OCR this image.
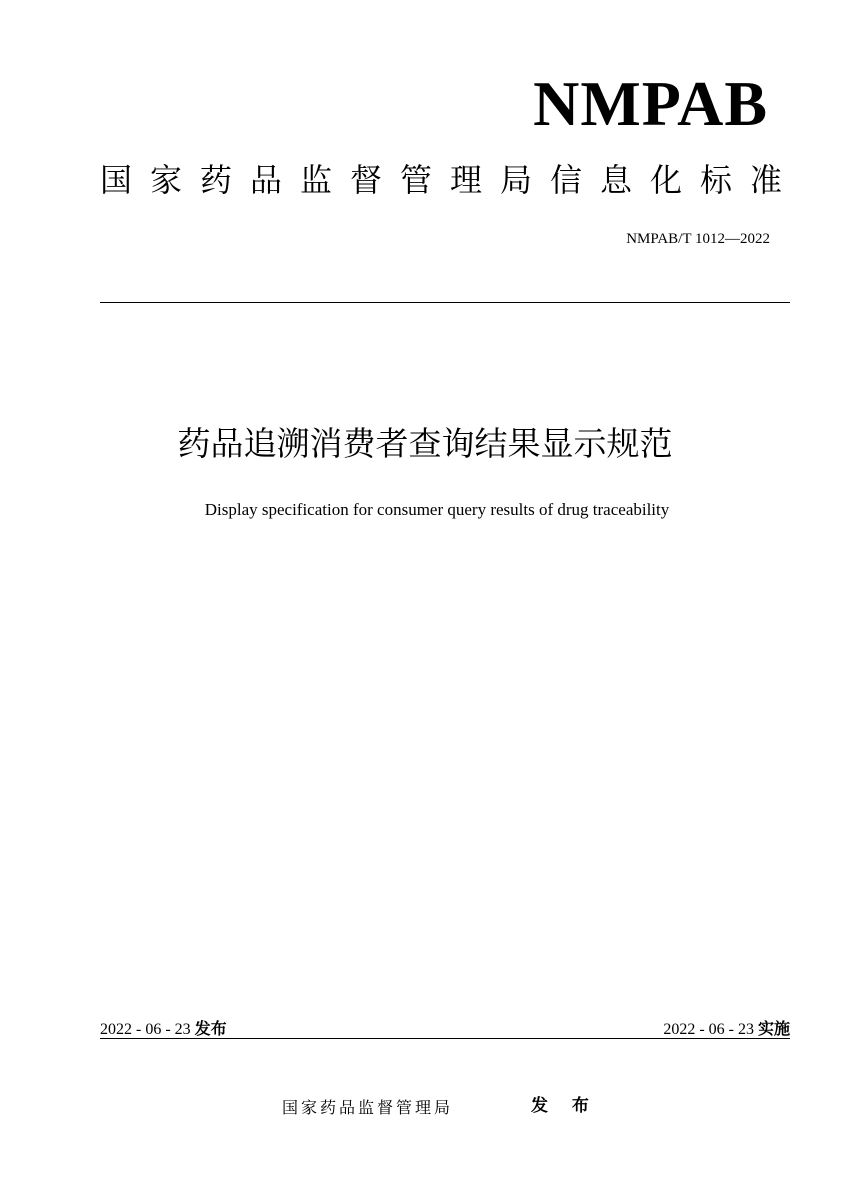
NMPAB
国家药品监督管理局信息化标准
NMPAB/T 1012—2022
药品追溯消费者查询结果显示规范
Display specification for consumer query results of drug traceability
2022 - 06 - 23 发布	2022 - 06 - 23 实施
国家药品监督管理局	发 布
